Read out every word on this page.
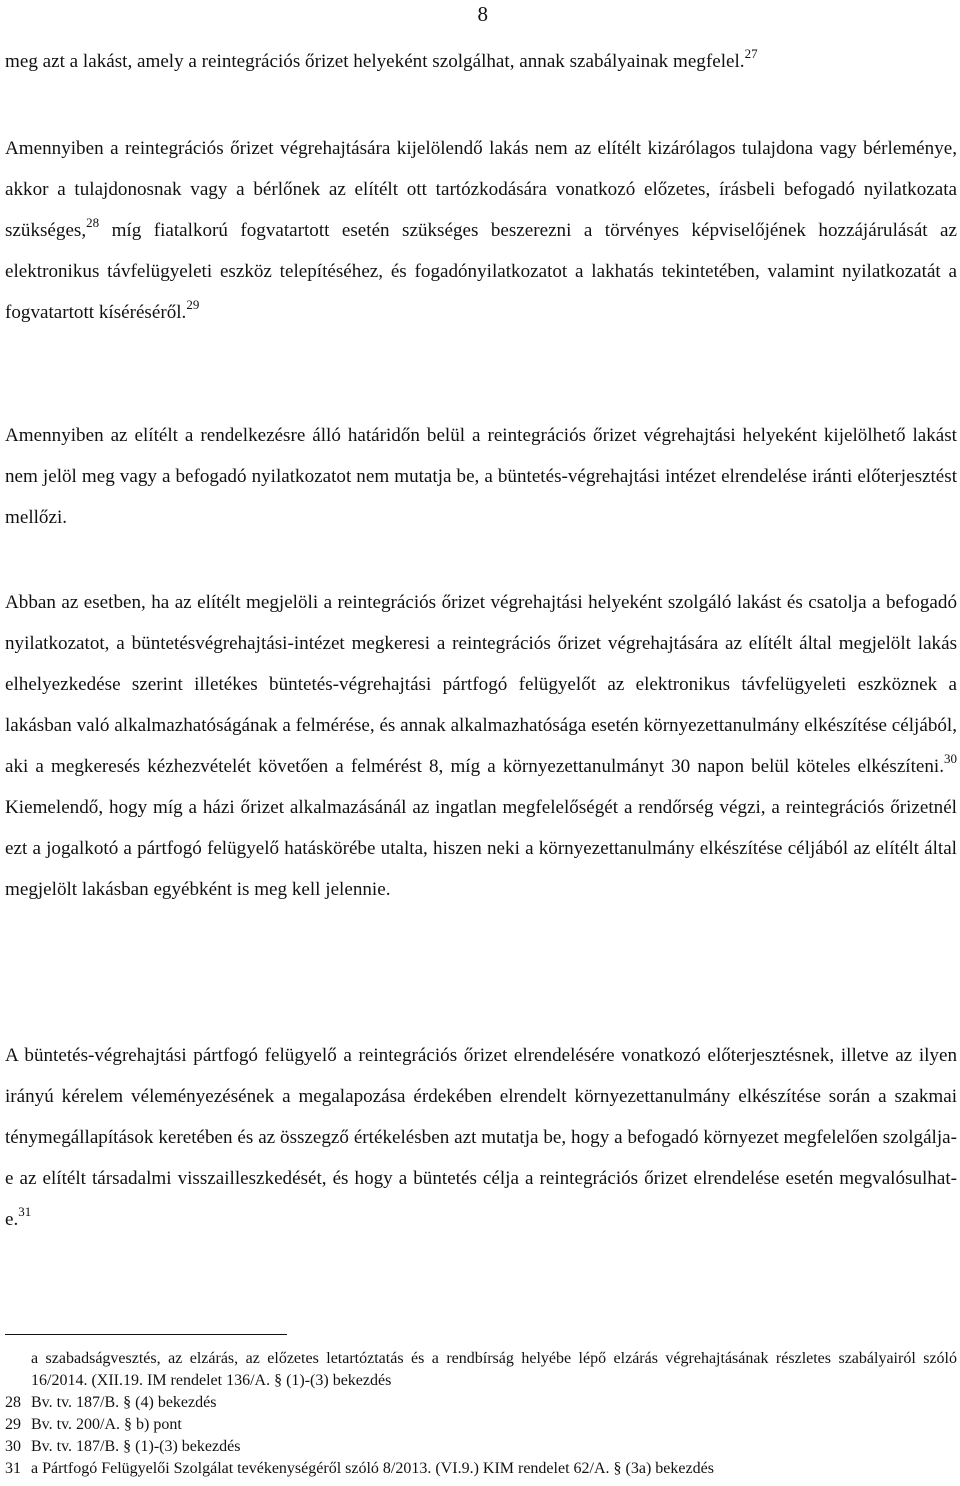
8

meg azt a lakást, amely a reintegrációs őrizet helyeként szolgálhat, annak szabályainak megfelel.$^{27}$

Amennyiben a reintegrációs őrizet végrehajtására kijelölendő lakás nem az elítélt kizárólagos tulajdona vagy bérleménye, akkor a tulajdonosnak vagy a bérlőnek az elítélt ott tartózkodására vonatkozó előzetes, írásbeli befogadó nyilatkozata szükséges,$^{28}$ míg fiatalkorú fogvatartott esetén szükséges beszerezni a törvényes képviselőjének hozzájárulását az elektronikus távfelügyeleti eszköz telepítéséhez, és fogadónyilatkozatot a lakhatás tekintetében, valamint nyilatkozatát a fogvatartott kíséréséről.$^{29}$

Amennyiben az elítélt a rendelkezésre álló határidőn belül a reintegrációs őrizet végrehajtási helyeként kijelölhető lakást nem jelöl meg vagy a befogadó nyilatkozatot nem mutatja be, a büntetés-végrehajtási intézet elrendelése iránti előterjesztést mellőzi.

Abban az esetben, ha az elítélt megjelöli a reintegrációs őrizet végrehajtási helyeként szolgáló lakást és csatolja a befogadó nyilatkozatot, a büntetésvégrehajtási-intézet megkeresi a reintegrációs őrizet végrehajtására az elítélt által megjelölt lakás elhelyezkedése szerint illetékes büntetés-végrehajtási pártfogó felügyelőt az elektronikus távfelügyeleti eszköznek a lakásban való alkalmazhatóságának a felmérése, és annak alkalmazhatósága esetén környezettanulmány elkészítése céljából, aki a megkeresés kézhezvételét követően a felmérést 8, míg a környezettanulmányt 30 napon belül köteles elkészíteni.$^{30}$ Kiemelendő, hogy míg a házi őrizet alkalmazásánál az ingatlan megfelelőségét a rendőrség végzi, a reintegrációs őrizetnél ezt a jogalkotó a pártfogó felügyelő hatáskörébe utalta, hiszen neki a környezettanulmány elkészítése céljából az elítélt által megjelölt lakásban egyébként is meg kell jelennie.

A büntetés-végrehajtási pártfogó felügyelő a reintegrációs őrizet elrendelésére vonatkozó előterjesztésnek, illetve az ilyen irányú kérelem véleményezésének a megalapozása érdekében elrendelt környezettanulmány elkészítése során a szakmai ténymegállapítások keretében és az összegző értékelésben azt mutatja be, hogy a befogadó környezet megfelelően szolgálja-e az elítélt társadalmi visszailleszkedését, és hogy a büntetés célja a reintegrációs őrizet elrendelése esetén megvalósulhat-e.$^{31}$

a szabadságvesztés, az elzárás, az előzetes letartóztatás és a rendbírság helyébe lépő elzárás végrehajtásának részletes szabályairól szóló 16/2014. (XII.19. IM rendelet 136/A. § (1)-(3) bekezdés

28 Bv. tv. 187/B. § (4) bekezdés

29 Bv. tv. 200/A. § b) pont

30 Bv. tv. 187/B. § (1)-(3) bekezdés

31 a Pártfogó Felügyelői Szolgálat tevékenységéről szóló 8/2013. (VI.9.) KIM rendelet 62/A. § (3a) bekezdés
